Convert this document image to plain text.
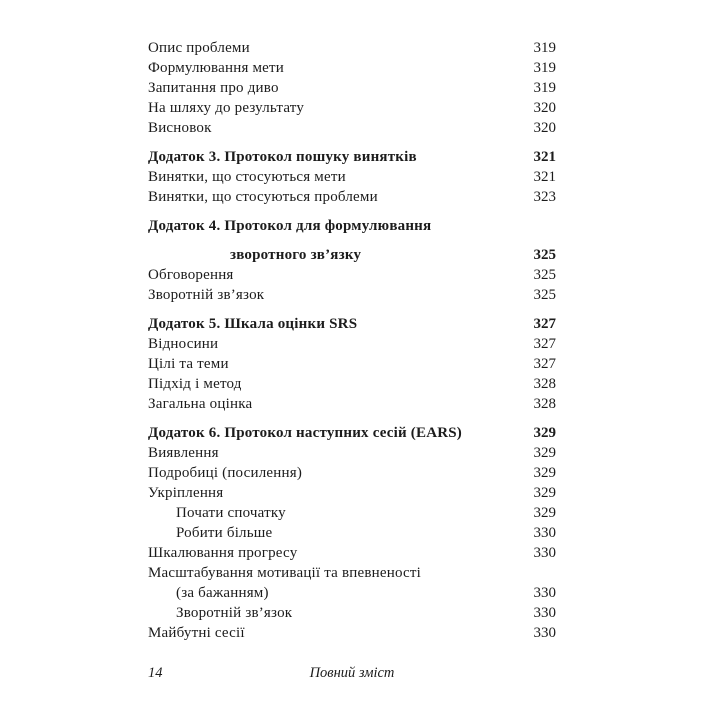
Опис проблеми	319
Формулювання мети	319
Запитання про диво	319
На шляху до результату	320
Висновок	320
Додаток 3. Протокол пошуку винятків	321
Винятки, що стосуються мети	321
Винятки, що стосуються проблеми	323
Додаток 4. Протокол для формулювання
зворотного зв’язку	325
Обговорення	325
Зворотній зв’язок	325
Додаток 5. Шкала оцінки SRS	327
Відносини	327
Цілі та теми	327
Підхід і метод	328
Загальна оцінка	328
Додаток 6. Протокол наступних сесій (EARS)	329
Виявлення	329
Подробиці (посилення)	329
Укріплення	329
Почати спочатку	329
Робити більше	330
Шкалювання прогресу	330
Масштабування мотивації та впевненості
(за бажанням)	330
Зворотній зв’язок	330
Майбутні сесії	330
14	Повний зміст
